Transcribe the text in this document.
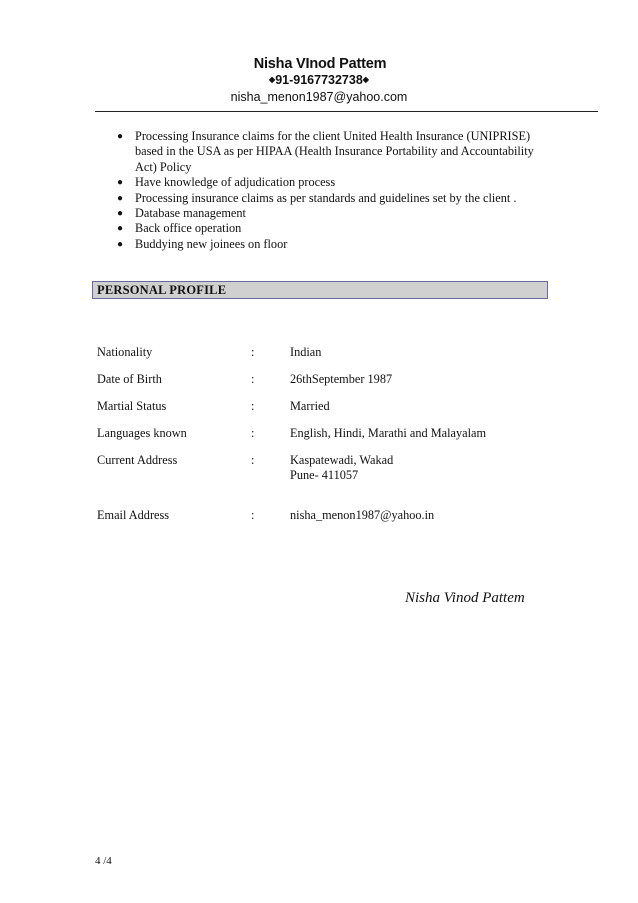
Nisha VInod Pattem
◆91-9167732738◆
nisha_menon1987@yahoo.com
● Processing Insurance claims for the client United Health Insurance (UNIPRISE)
based in the USA as per HIPAA (Health Insurance Portability and Accountability
Act) Policy
● Have knowledge of adjudication process
● Processing insurance claims as per standards and guidelines set by the client .
● Database management
● Back office operation
● Buddying new joinees on floor
PERSONAL PROFILE
Nationality	:	Indian
Date of Birth	:	26thSeptember 1987
Martial Status	:	Married
Languages known	:	English, Hindi, Marathi and Malayalam
Current Address	:	Kaspatewadi, Wakad
Pune- 411057
Email Address	:	nisha_menon1987@yahoo.in
Nisha Vinod Pattem
4 /4
